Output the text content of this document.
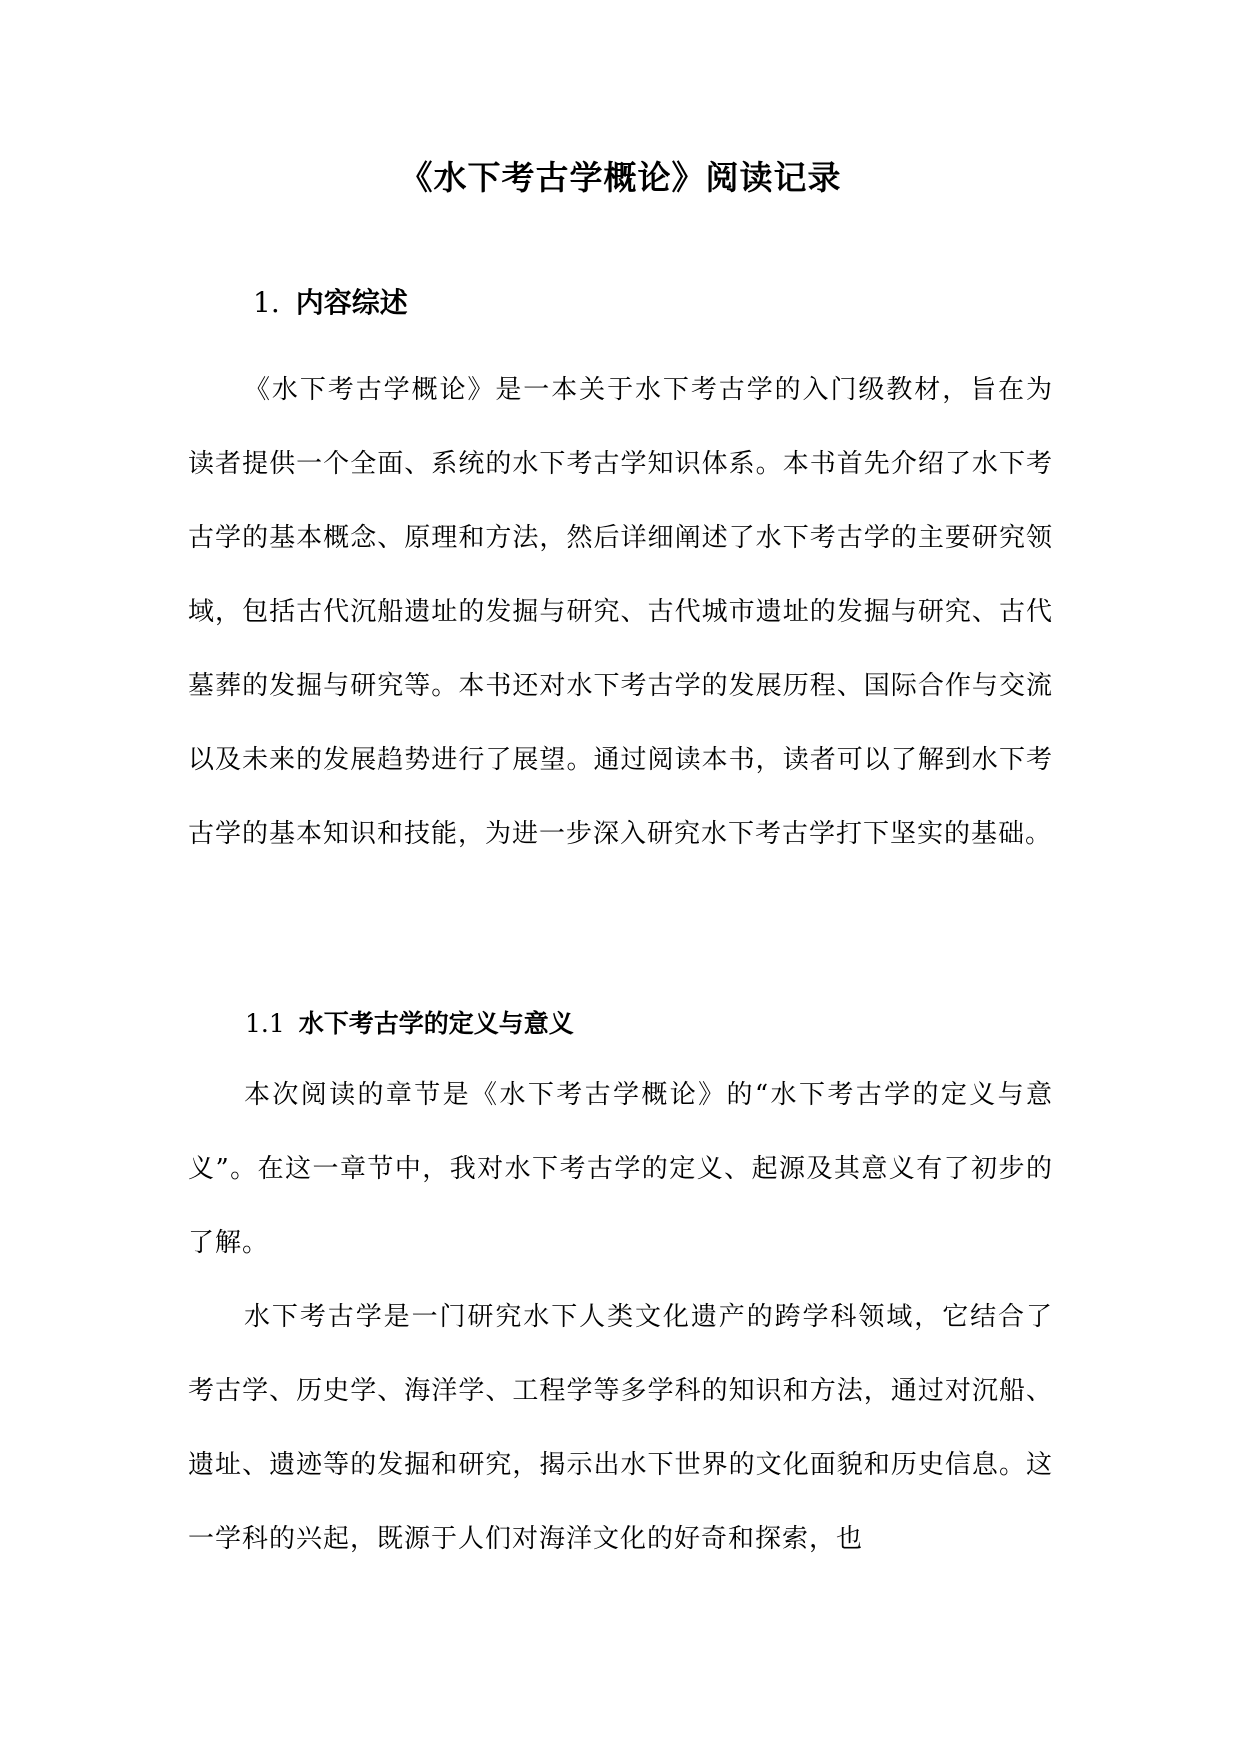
《水下考古学概论》阅读记录
1. 内容综述

《水下考古学概论》是一本关于水下考古学的入门级教材，旨在为读者提供一个全面、系统的水下考古学知识体系。本书首先介绍了水下考古学的基本概念、原理和方法，然后详细阐述了水下考古学的主要研究领域，包括古代沉船遗址的发掘与研究、古代城市遗址的发掘与研究、古代墓葬的发掘与研究等。本书还对水下考古学的发展历程、国际合作与交流以及未来的发展趋势进行了展望。通过阅读本书，读者可以了解到水下考古学的基本知识和技能，为进一步深入研究水下考古学打下坚实的基础。

1.1 水下考古学的定义与意义

本次阅读的章节是《水下考古学概论》的“水下考古学的定义与意义”。在这一章节中，我对水下考古学的定义、起源及其意义有了初步的了解。

水下考古学是一门研究水下人类文化遗产的跨学科领域，它结合了考古学、历史学、海洋学、工程学等多学科的知识和方法，通过对沉船、遗址、遗迹等的发掘和研究，揭示出水下世界的文化面貌和历史信息。这一学科的兴起，既源于人们对海洋文化的好奇和探索，也
